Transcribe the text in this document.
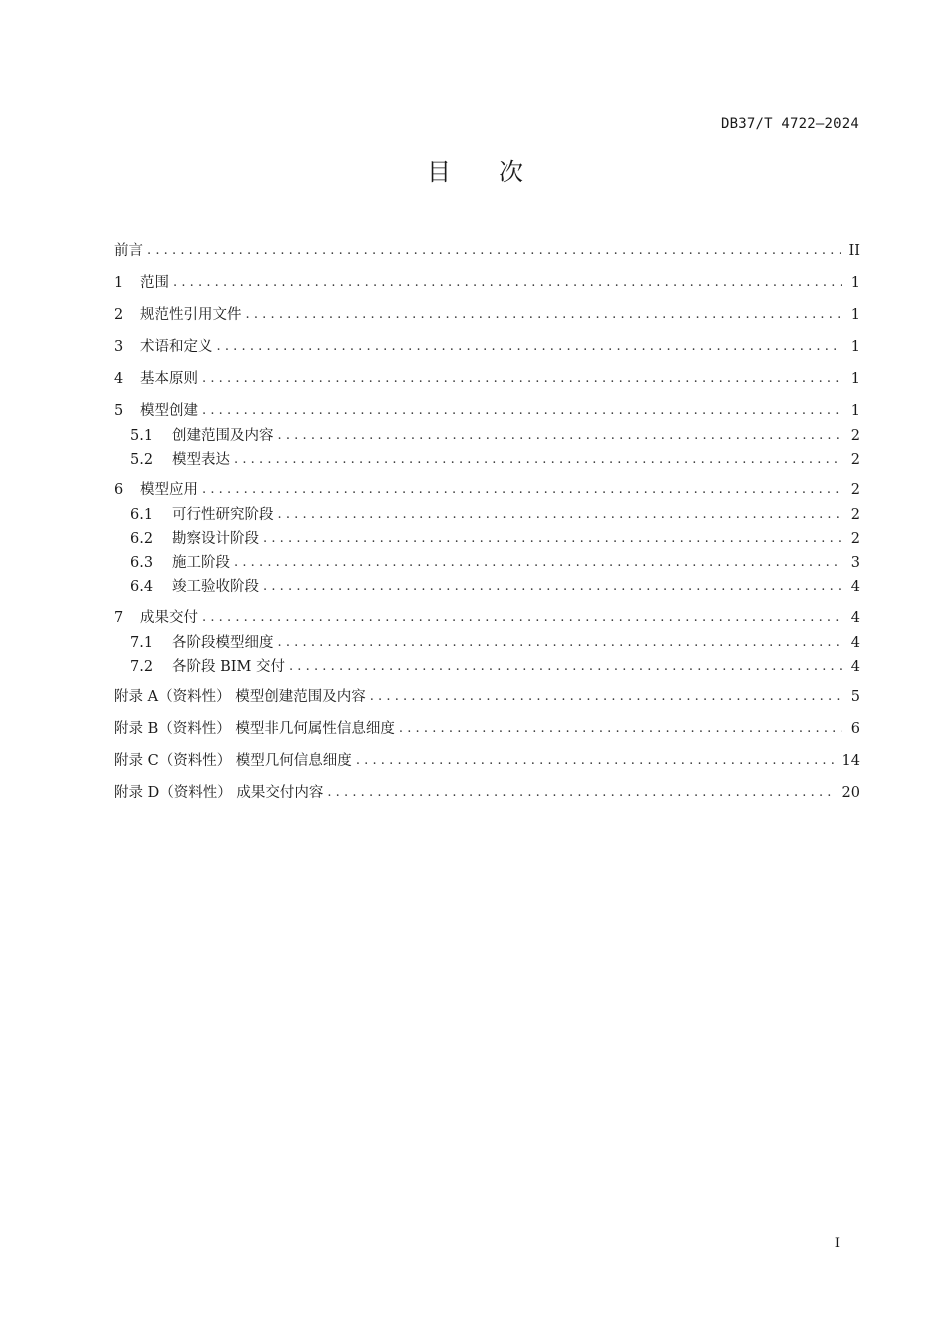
DB37/T 4722—2024
目次
前言 .....	II
1	范围 .....	1
2	规范性引用文件 .....	1
3	术语和定义 .....	1
4	基本原则 .....	1
5	模型创建 .....	1
5.1	创建范围及内容 .....	2
5.2	模型表达 .....	2
6	模型应用 .....	2
6.1	可行性研究阶段 .....	2
6.2	勘察设计阶段 .....	2
6.3	施工阶段 .....	3
6.4	竣工验收阶段 .....	4
7	成果交付 .....	4
7.1	各阶段模型细度 .....	4
7.2	各阶段 BIM 交付 .....	4
附录 A（资料性） 模型创建范围及内容 .....	5
附录 B（资料性） 模型非几何属性信息细度 .....	6
附录 C（资料性） 模型几何信息细度 .....	14
附录 D（资料性） 成果交付内容 .....	20
I
